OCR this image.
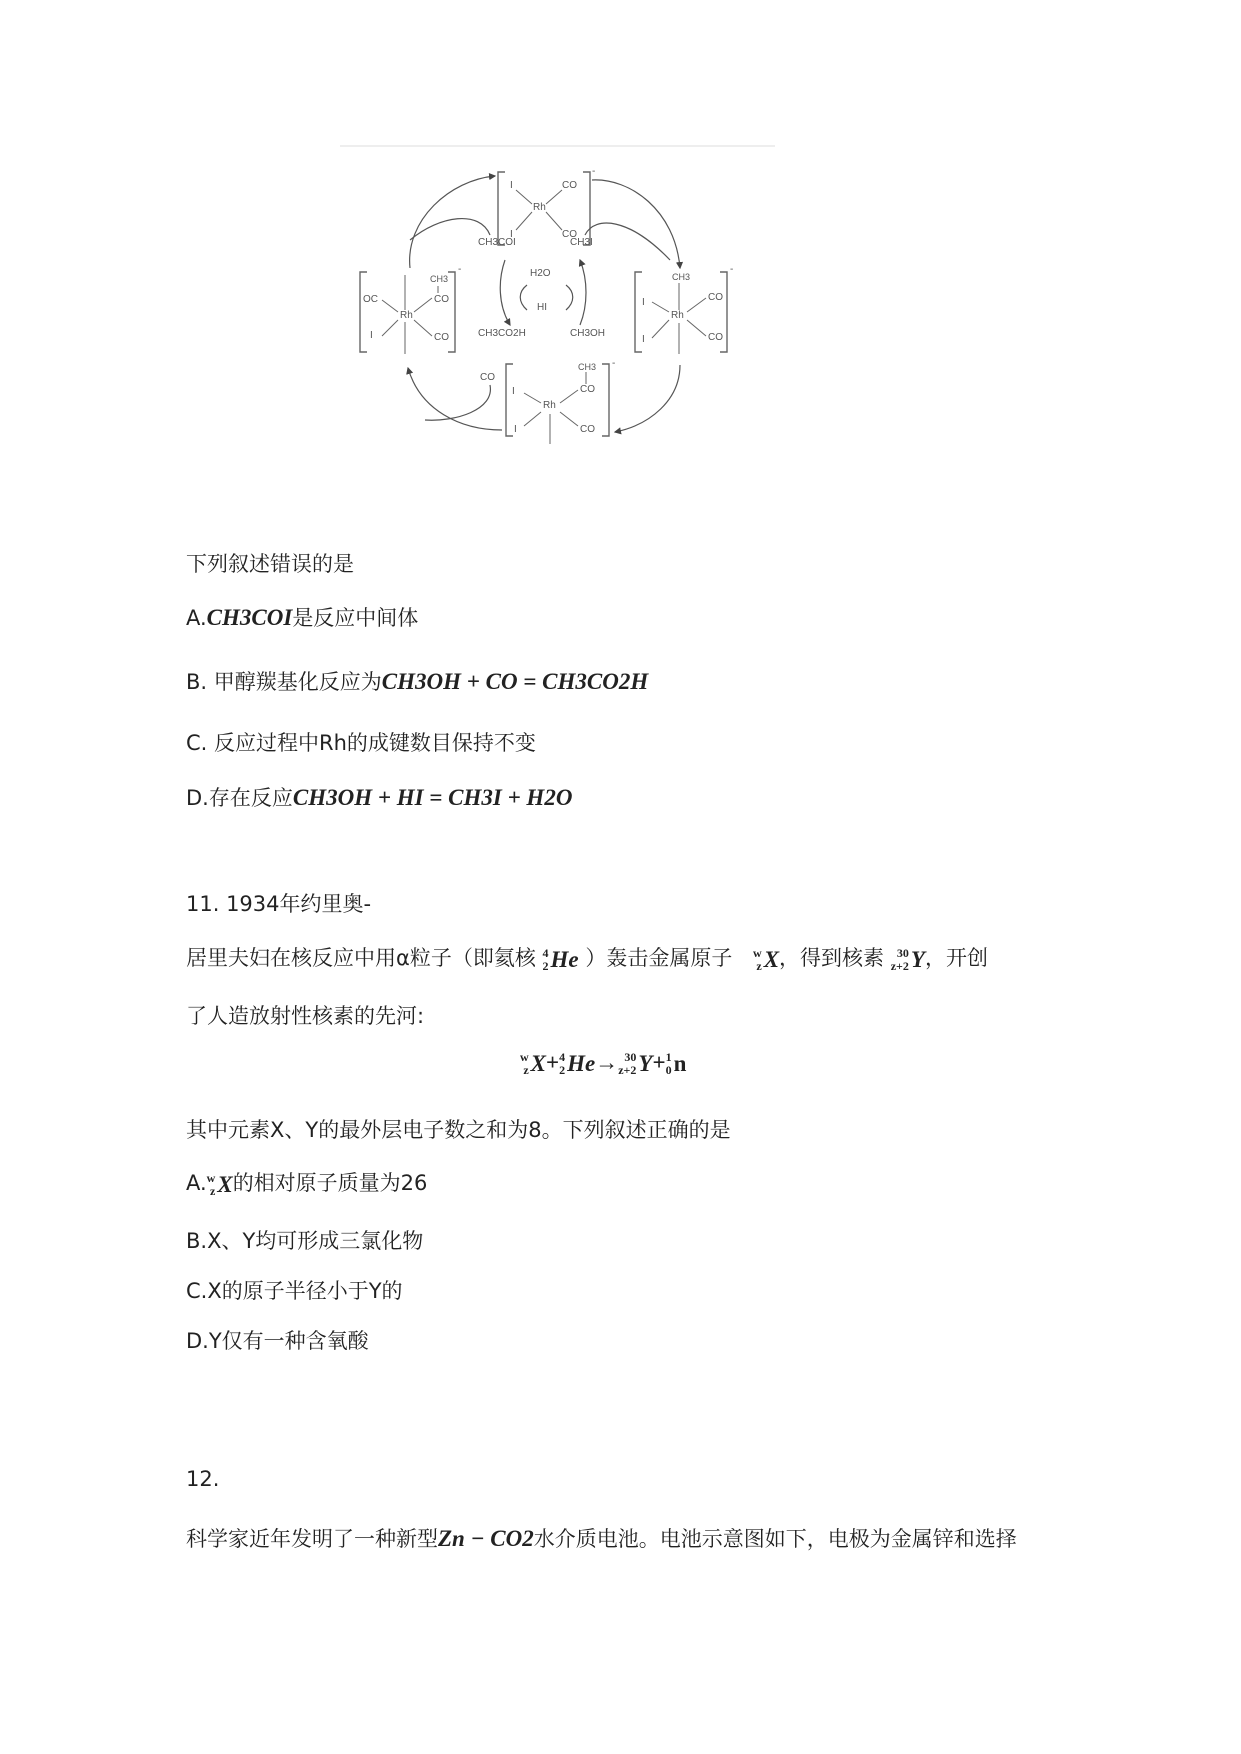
I
I
CO
CO
Rh
-
OC
I
CH3
CO
CO
Rh
-
CH3
I
I
CO
CO
Rh
-
CH3
CO
I
I	CO
Rh
-
CH3COI	CH3I
H2O
HI
CH3CO2H	CH3OH
CO
下列叙述错误的是
A.CH3COI是反应中间体
B. 甲醇羰基化反应为CH3OH + CO = CH3CO2H
C. 反应过程中Rh的成键数目保持不变
D.存在反应CH3OH + HI = CH3I + H2O
11. 1934年约里奥-
居里夫妇在核反应中用α粒子（即氦核 4
2 He ）轰击金属原子 w
z X，得到核素	30
z+2 Y，开创
了人造放射性核素的先河:
w
z X+ 4
2 He→ 30
z+2 Y+ 1
0 n
其中元素X、Y的最外层电子数之和为8。下列叙述正确的是
A. w
z X的相对原子质量为26
B.X、Y均可形成三氯化物
C.X的原子半径小于Y的
D.Y仅有一种含氧酸
12.
科学家近年发明了一种新型Zn − CO2水介质电池。电池示意图如下，电极为金属锌和选择
